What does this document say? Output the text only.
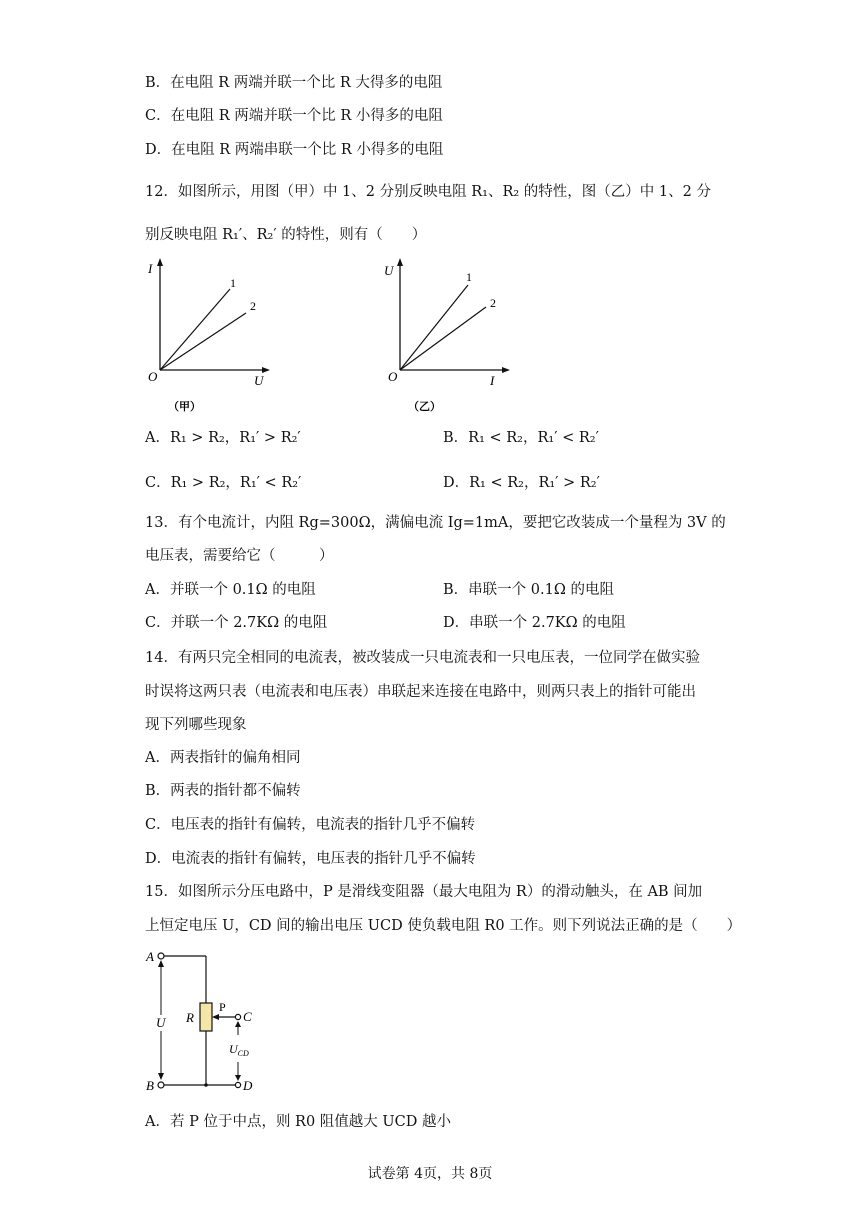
B．在电阻 R 两端并联一个比 R 大得多的电阻
C．在电阻 R 两端并联一个比 R 小得多的电阻
D．在电阻 R 两端串联一个比 R 小得多的电阻
12．如图所示，用图（甲）中 1、2 分别反映电阻 R₁、R₂ 的特性，图（乙）中 1、2 分
别反映电阻 R₁′、R₂′ 的特性，则有（　　）
I
U
O
1
2
（甲）
U
I
O
1
2
（乙）
A．R₁ > R₂，R₁′ > R₂′	B．R₁ < R₂，R₁′ < R₂′
C．R₁ > R₂，R₁′ < R₂′	D．R₁ < R₂，R₁′ > R₂′
13．有个电流计，内阻 Rg=300Ω，满偏电流 Ig=1mA，要把它改装成一个量程为 3V 的
电压表，需要给它（　　　）
A．并联一个 0.1Ω 的电阻	B．串联一个 0.1Ω 的电阻
C．并联一个 2.7KΩ 的电阻	D．串联一个 2.7KΩ 的电阻
14．有两只完全相同的电流表，被改装成一只电流表和一只电压表，一位同学在做实验
时误将这两只表（电流表和电压表）串联起来连接在电路中，则两只表上的指针可能出
现下列哪些现象
A．两表指针的偏角相同
B．两表的指针都不偏转
C．电压表的指针有偏转，电流表的指针几乎不偏转
D．电流表的指针有偏转，电压表的指针几乎不偏转
15．如图所示分压电路中，P 是滑线变阻器（最大电阻为 R）的滑动触头，在 AB 间加
上恒定电压 U，CD 间的输出电压 UCD 使负载电阻 R0 工作。则下列说法正确的是（　　）
A
B
U R
P
C
D
$U_{CD}$
A．若 P 位于中点，则 R0 阻值越大 UCD 越小
试卷第 4页，共 8页
